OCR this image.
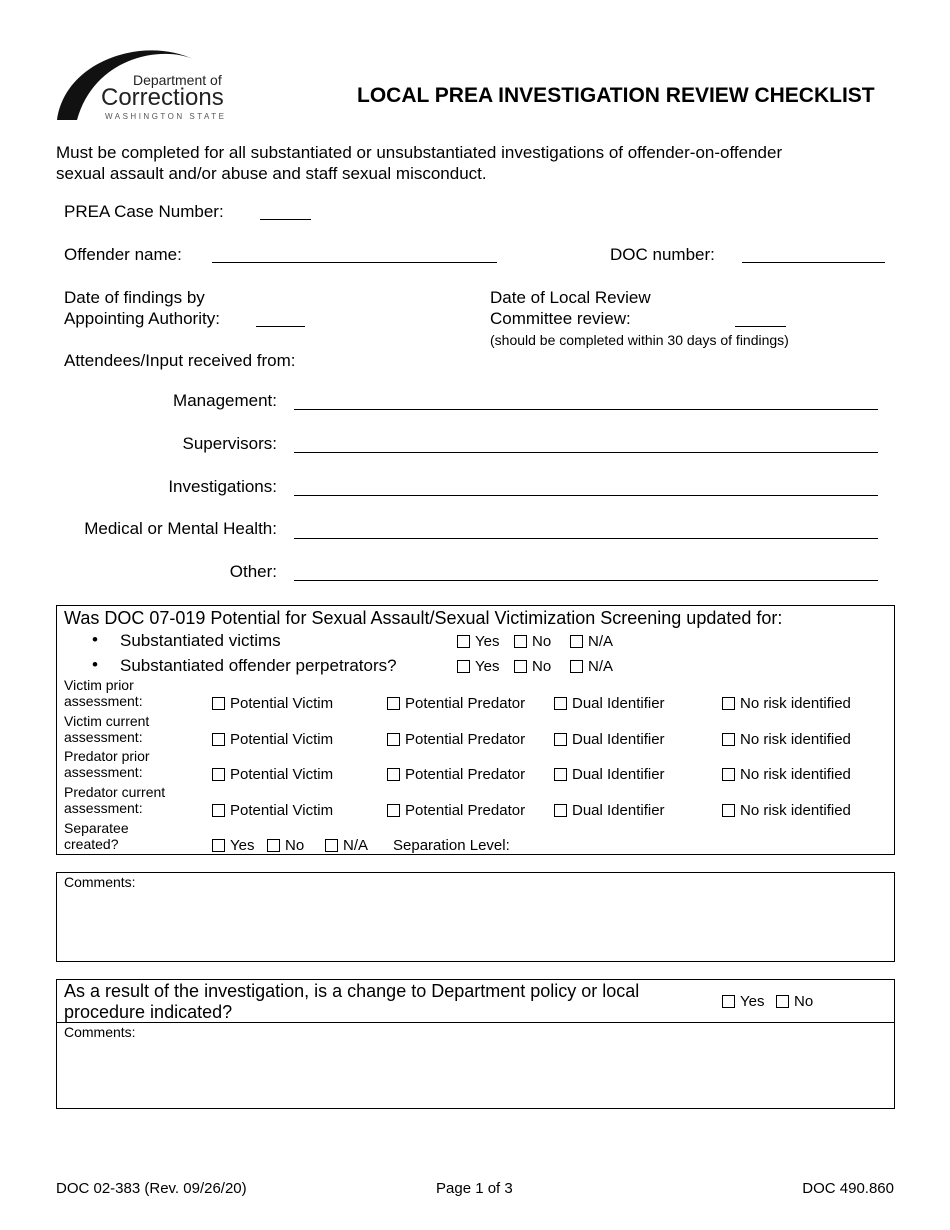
Department of
Corrections
WASHINGTON STATE
LOCAL PREA INVESTIGATION REVIEW CHECKLIST
Must be completed for all substantiated or unsubstantiated investigations of offender-on-offender
sexual assault and/or abuse and staff sexual misconduct.
PREA Case Number:
Offender name:	DOC number:
Date of findings by
Appointing Authority:
Date of Local Review
Committee review:
(should be completed within 30 days of findings)
Attendees/Input received from:
Management:
Supervisors:
Investigations:
Medical or Mental Health:
Other:
Was DOC 07-019 Potential for Sexual Assault/Sexual Victimization Screening updated for:
• Substantiated victims	Yes	No	N/A
• Substantiated offender perpetrators?	Yes	No	N/A
Victim prior
assessment:	Potential Victim	Potential Predator	Dual Identifier	No risk identified
Victim current
assessment:	Potential Victim	Potential Predator	Dual Identifier	No risk identified
Predator prior
assessment:	Potential Victim	Potential Predator	Dual Identifier	No risk identified
Predator current
assessment:	Potential Victim	Potential Predator	Dual Identifier	No risk identified
Separatee
created?	Yes	No	N/A Separation Level:
Comments:
As a result of the investigation, is a change to Department policy or local
procedure indicated?
Yes	No
Comments:
DOC 02-383 (Rev. 09/26/20)	Page 1 of 3	DOC 490.860
